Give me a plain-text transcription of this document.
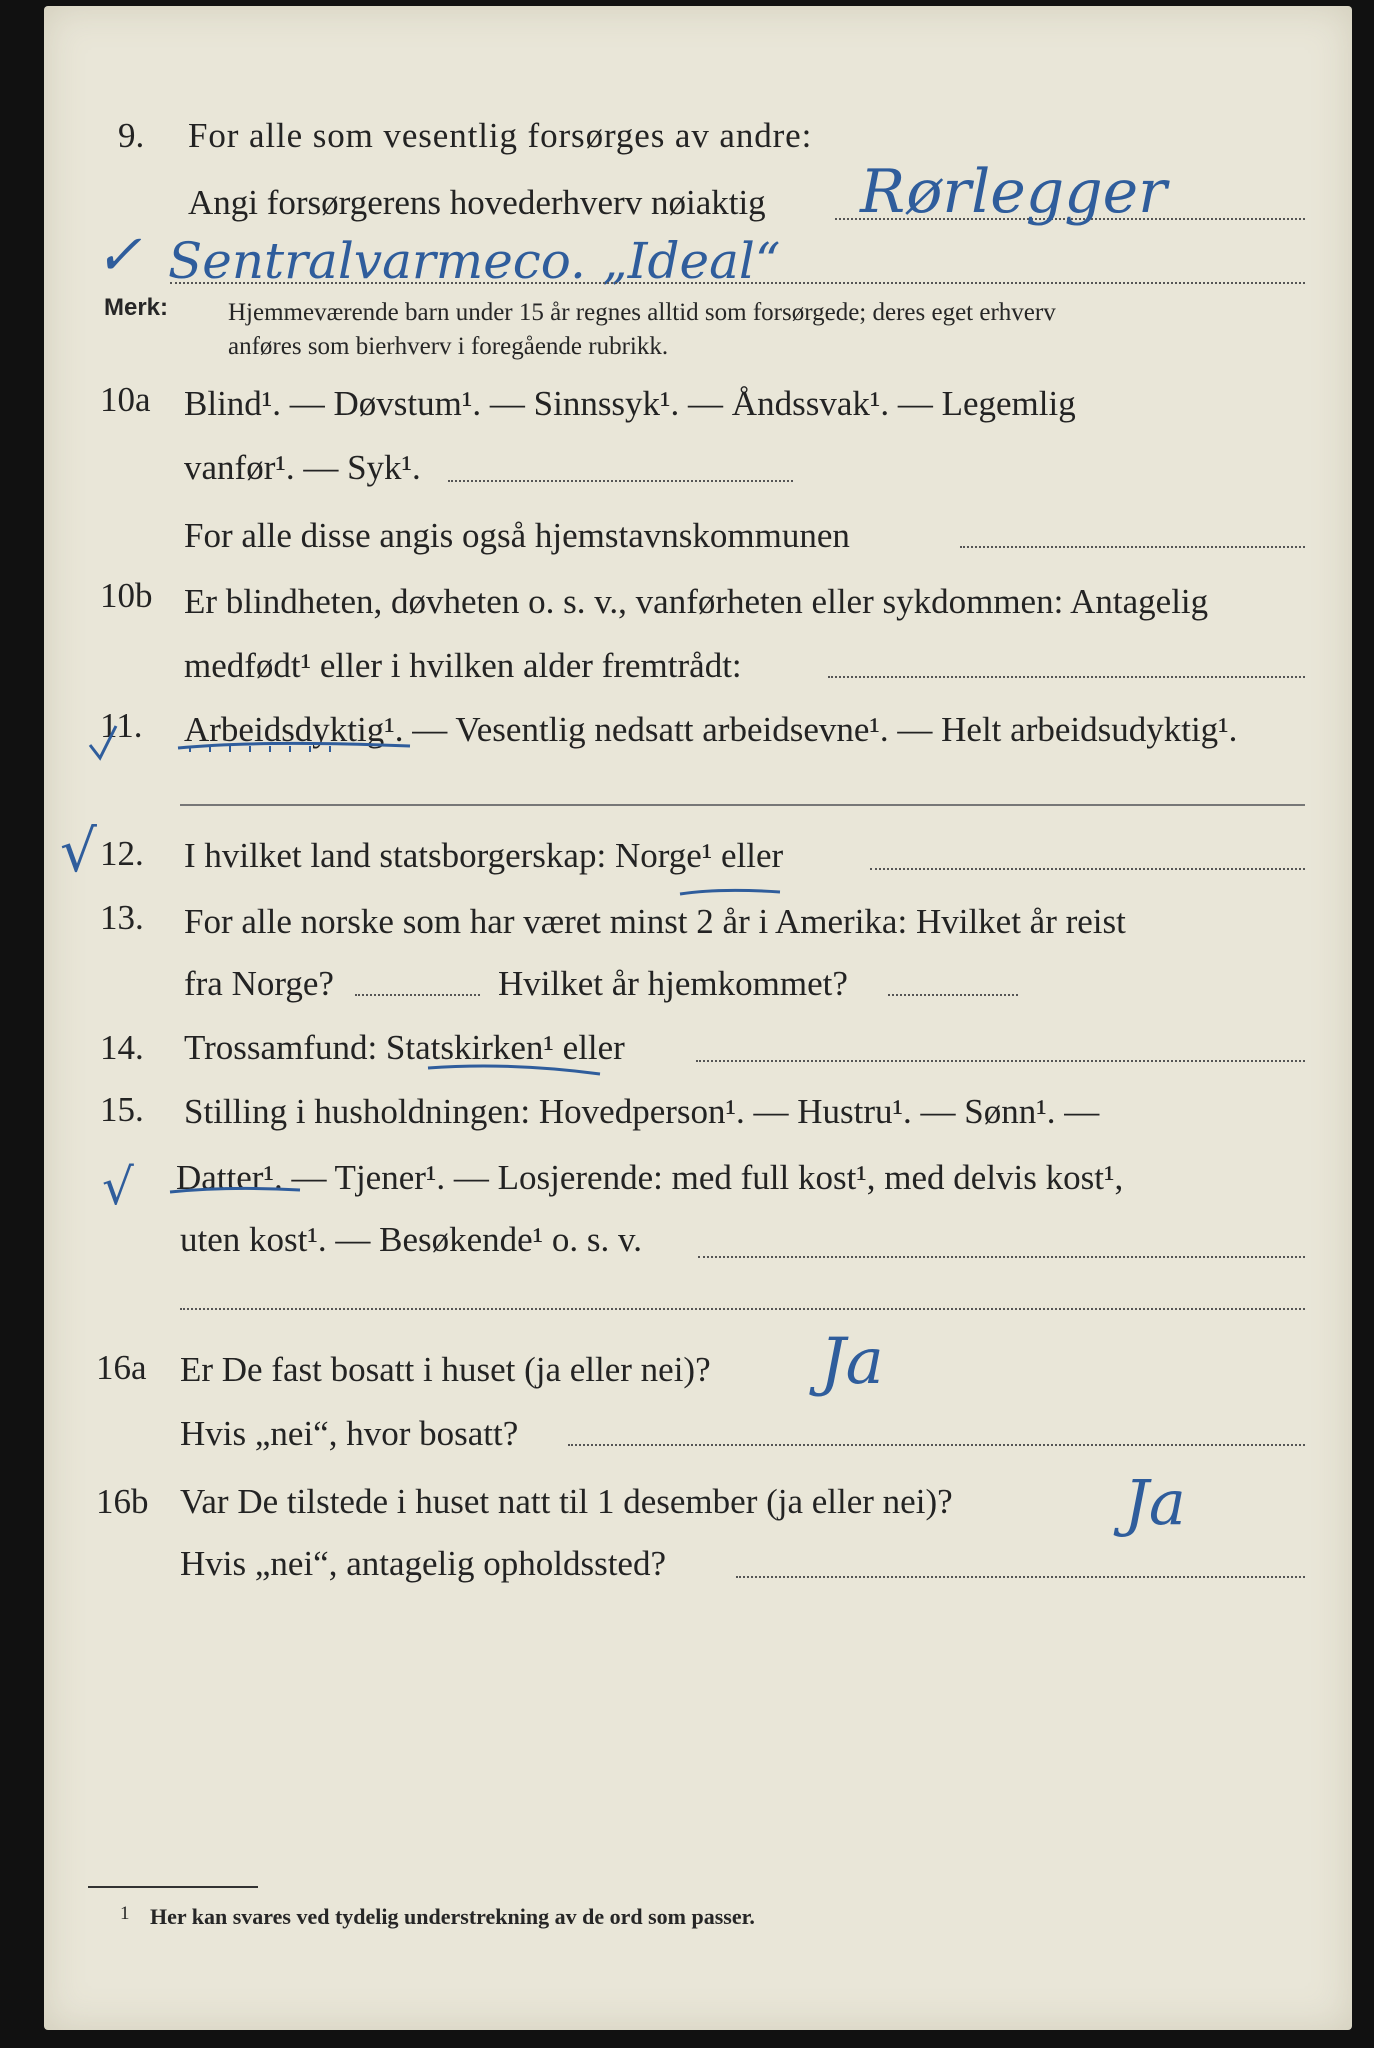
9. For alle som vesentlig forsørges av andre:
Angi forsørgerens hovederhverv nøiaktig Rørlegger
✓ Sentralvarmeco. „Ideal“
Merk: Hjemmeværende barn under 15 år regnes alltid som forsørgede; deres eget erhverv
anføres som bierhverv i foregående rubrikk.
10a Blind¹. — Døvstum¹. — Sinnssyk¹. — Åndssvak¹. — Legemlig
vanfør¹. — Syk¹.
For alle disse angis også hjemstavnskommunen
10b Er blindheten, døvheten o. s. v., vanførheten eller sykdommen: Antagelig
medfødt¹ eller i hvilken alder fremtrådt:
11. Arbeidsdyktig¹. — Vesentlig nedsatt arbeidsevne¹. — Helt arbeidsudyktig¹.
√ 12. I hvilket land statsborgerskap: Norge¹ eller
13. For alle norske som har været minst 2 år i Amerika: Hvilket år reist
fra Norge?	Hvilket år hjemkommet?
14. Trossamfund: Statskirken¹ eller
15. Stilling i husholdningen: Hovedperson¹. — Hustru¹. — Sønn¹. —
√ Datter¹. — Tjener¹. — Losjerende: med full kost¹, med delvis kost¹,
uten kost¹. — Besøkende¹ o. s. v.
16a Er De fast bosatt i huset (ja eller nei)? Ja
Hvis „nei“, hvor bosatt?
16b Var De tilstede i huset natt til 1 desember (ja eller nei)?	Ja
Hvis „nei“, antagelig opholdssted?
1 Her kan svares ved tydelig understrekning av de ord som passer.
